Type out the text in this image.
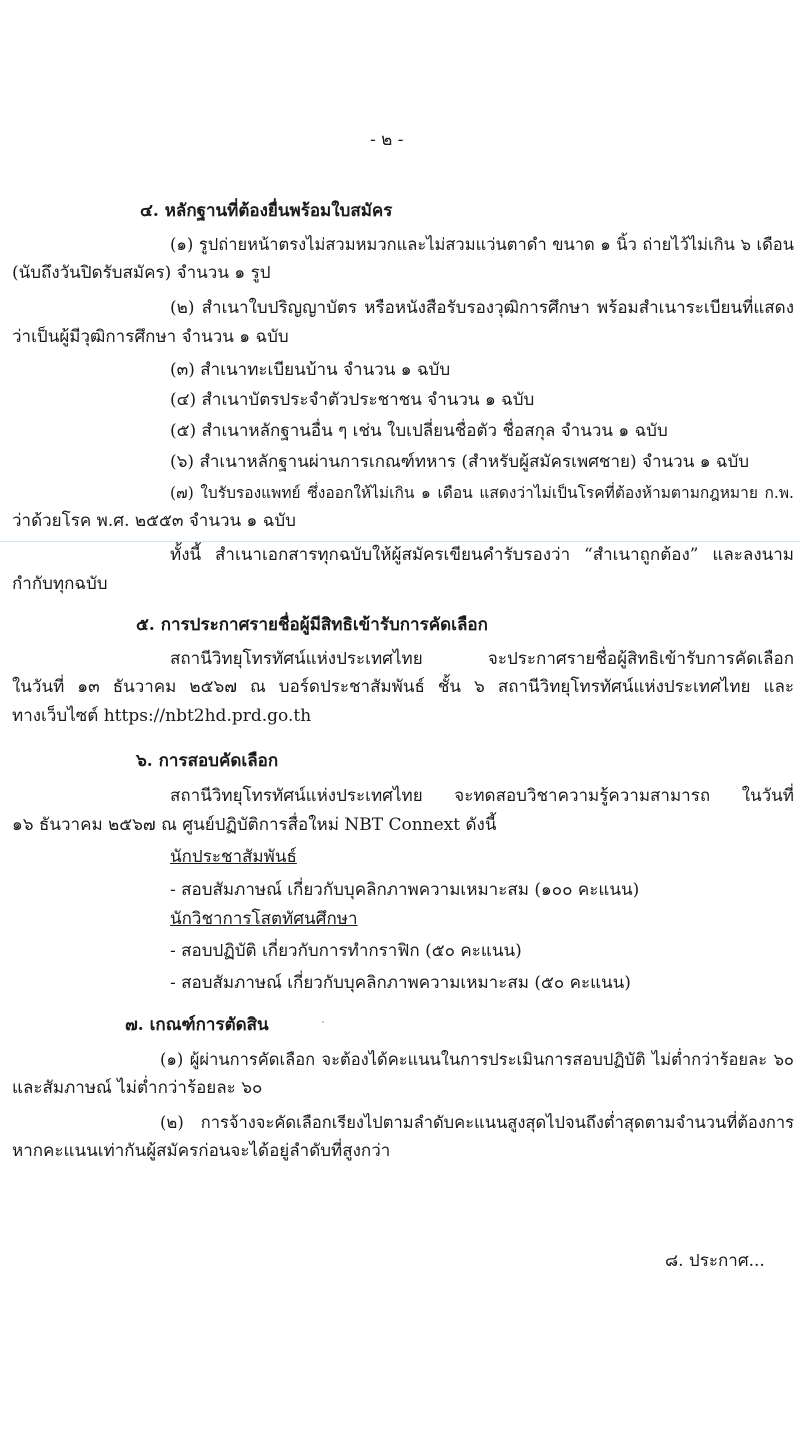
- ๒ -
๔. หลักฐานที่ต้องยื่นพร้อมใบสมัคร
(๑) รูปถ่ายหน้าตรงไม่สวมหมวกและไม่สวมแว่นตาดำ ขนาด ๑ นิ้ว ถ่ายไว้ไม่เกิน ๖ เดือน
(นับถึงวันปิดรับสมัคร) จำนวน ๑ รูป
(๒) สำเนาใบปริญญาบัตร หรือหนังสือรับรองวุฒิการศึกษา พร้อมสำเนาระเบียนที่แสดง
ว่าเป็นผู้มีวุฒิการศึกษา จำนวน ๑ ฉบับ
(๓) สำเนาทะเบียนบ้าน จำนวน ๑ ฉบับ
(๔) สำเนาบัตรประจำตัวประชาชน จำนวน ๑ ฉบับ
(๕) สำเนาหลักฐานอื่น ๆ เช่น ใบเปลี่ยนชื่อตัว ชื่อสกุล จำนวน ๑ ฉบับ
(๖) สำเนาหลักฐานผ่านการเกณฑ์ทหาร (สำหรับผู้สมัครเพศชาย) จำนวน ๑ ฉบับ
(๗) ใบรับรองแพทย์ ซึ่งออกให้ไม่เกิน ๑ เดือน แสดงว่าไม่เป็นโรคที่ต้องห้ามตามกฎหมาย ก.พ.
ว่าด้วยโรค พ.ศ. ๒๕๕๓ จำนวน ๑ ฉบับ
ทั้งนี้ สำเนาเอกสารทุกฉบับให้ผู้สมัครเขียนคำรับรองว่า “สำเนาถูกต้อง” และลงนาม
กำกับทุกฉบับ
๕. การประกาศรายชื่อผู้มีสิทธิเข้ารับการคัดเลือก
สถานีวิทยุโทรทัศน์แห่งประเทศไทย จะประกาศรายชื่อผู้สิทธิเข้ารับการคัดเลือก
ในวันที่ ๑๓ ธันวาคม ๒๕๖๗ ณ บอร์ดประชาสัมพันธ์ ชั้น ๖ สถานีวิทยุโทรทัศน์แห่งประเทศไทย และ
ทางเว็บไซต์ https://nbt2hd.prd.go.th
๖. การสอบคัดเลือก
สถานีวิทยุโทรทัศน์แห่งประเทศไทย จะทดสอบวิชาความรู้ความสามารถ ในวันที่
๑๖ ธันวาคม ๒๕๖๗ ณ ศูนย์ปฏิบัติการสื่อใหม่ NBT Connext ดังนี้
นักประชาสัมพันธ์
- สอบสัมภาษณ์ เกี่ยวกับบุคลิกภาพความเหมาะสม (๑๐๐ คะแนน)
นักวิชาการโสตทัศนศึกษา
- สอบปฏิบัติ เกี่ยวกับการทำกราฟิก (๕๐ คะแนน)
- สอบสัมภาษณ์ เกี่ยวกับบุคลิกภาพความเหมาะสม (๕๐ คะแนน)
๗. เกณฑ์การตัดสิน
(๑) ผู้ผ่านการคัดเลือก จะต้องได้คะแนนในการประเมินการสอบปฏิบัติ ไม่ต่ำกว่าร้อยละ ๖๐
และสัมภาษณ์ ไม่ต่ำกว่าร้อยละ ๖๐
(๒) การจ้างจะคัดเลือกเรียงไปตามลำดับคะแนนสูงสุดไปจนถึงต่ำสุดตามจำนวนที่ต้องการ
หากคะแนนเท่ากันผู้สมัครก่อนจะได้อยู่ลำดับที่สูงกว่า
๘. ประกาศ...
